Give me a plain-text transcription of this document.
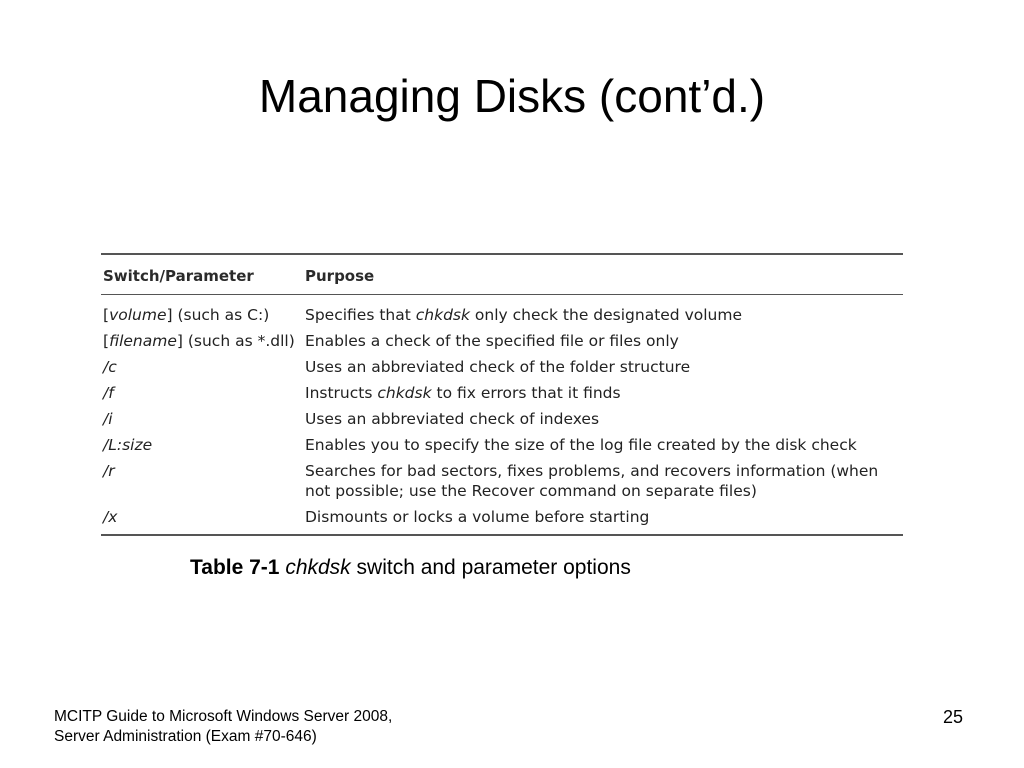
Managing Disks (cont’d.)
Switch/Parameter	Purpose
[volume] (such as C:)	Specifies that chkdsk only check the designated volume
[filename] (such as *.dll)	Enables a check of the specified file or files only
/c	Uses an abbreviated check of the folder structure
/f	Instructs chkdsk to fix errors that it finds
/i	Uses an abbreviated check of indexes
/L:size	Enables you to specify the size of the log file created by the disk check
/r	Searches for bad sectors, fixes problems, and recovers information (when not possible; use the Recover command on separate files)
/x	Dismounts or locks a volume before starting
Table 7-1 chkdsk switch and parameter options
MCITP Guide to Microsoft Windows Server 2008,
Server Administration (Exam #70-646)
25
